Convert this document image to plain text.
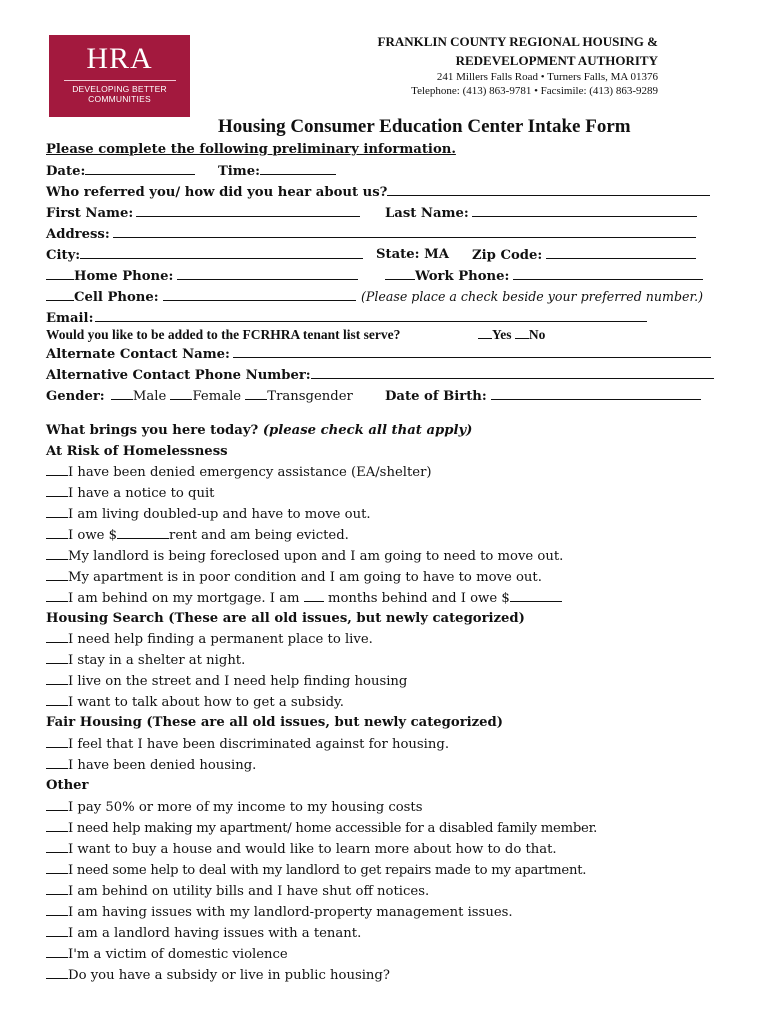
HRA
DEVELOPING BETTER
COMMUNITIES
FRANKLIN COUNTY REGIONAL HOUSING &
REDEVELOPMENT AUTHORITY
241 Millers Falls Road • Turners Falls, MA 01376
Telephone: (413) 863-9781 • Facsimile: (413) 863-9289
Housing Consumer Education Center Intake Form
Please complete the following preliminary information.
Date:	Time:
Who referred you/ how did you hear about us?
First Name:	Last Name:
Address:
City:	State: MA Zip Code:
Home Phone:	Work Phone:
Cell Phone:	(Please place a check beside your preferred number.)
Email:
Would you like to be added to the FCRHRA tenant list serve?	Yes No
Alternate Contact Name:
Alternative Contact Phone Number:
Gender: Male Female Transgender Date of Birth:
What brings you here today? (please check all that apply)
At Risk of Homelessness
I have been denied emergency assistance (EA/shelter)
I have a notice to quit
I am living doubled-up and have to move out.
I owe $	rent and am being evicted.
My landlord is being foreclosed upon and I am going to need to move out.
My apartment is in poor condition and I am going to have to move out.
I am behind on my mortgage. I am  months behind and I owe $
Housing Search (These are all old issues, but newly categorized)
I need help finding a permanent place to live.
I stay in a shelter at night.
I live on the street and I need help finding housing
I want to talk about how to get a subsidy.
Fair Housing (These are all old issues, but newly categorized)
I feel that I have been discriminated against for housing.
I have been denied housing.
Other
I pay 50% or more of my income to my housing costs
I need help making my apartment/ home accessible for a disabled family member.
I want to buy a house and would like to learn more about how to do that.
I need some help to deal with my landlord to get repairs made to my apartment.
I am behind on utility bills and I have shut off notices.
I am having issues with my landlord-property management issues.
I am a landlord having issues with a tenant.
I'm a victim of domestic violence
Do you have a subsidy or live in public housing?
